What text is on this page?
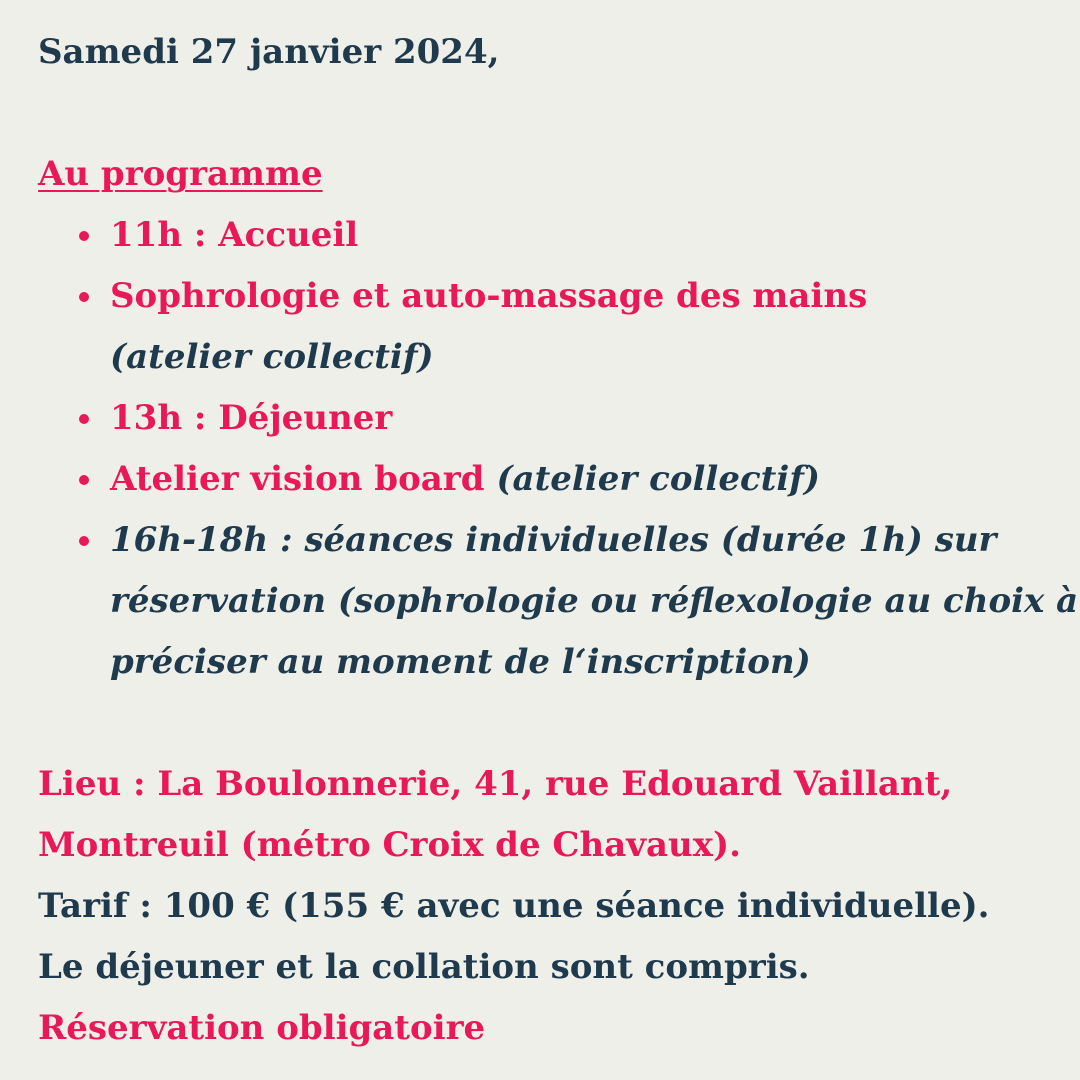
Samedi 27 janvier 2024,
Au programme
11h : Accueil
Sophrologie et auto-massage des mains
(atelier collectif)
13h : Déjeuner
Atelier vision board (atelier collectif)
16h-18h : séances individuelles (durée 1h) sur
réservation (sophrologie ou réflexologie au choix à
préciser au moment de l‘inscription)
Lieu : La Boulonnerie, 41, rue Edouard Vaillant,
Montreuil (métro Croix de Chavaux).
Tarif : 100 € (155 € avec une séance individuelle).
Le déjeuner et la collation sont compris.
Réservation obligatoire
